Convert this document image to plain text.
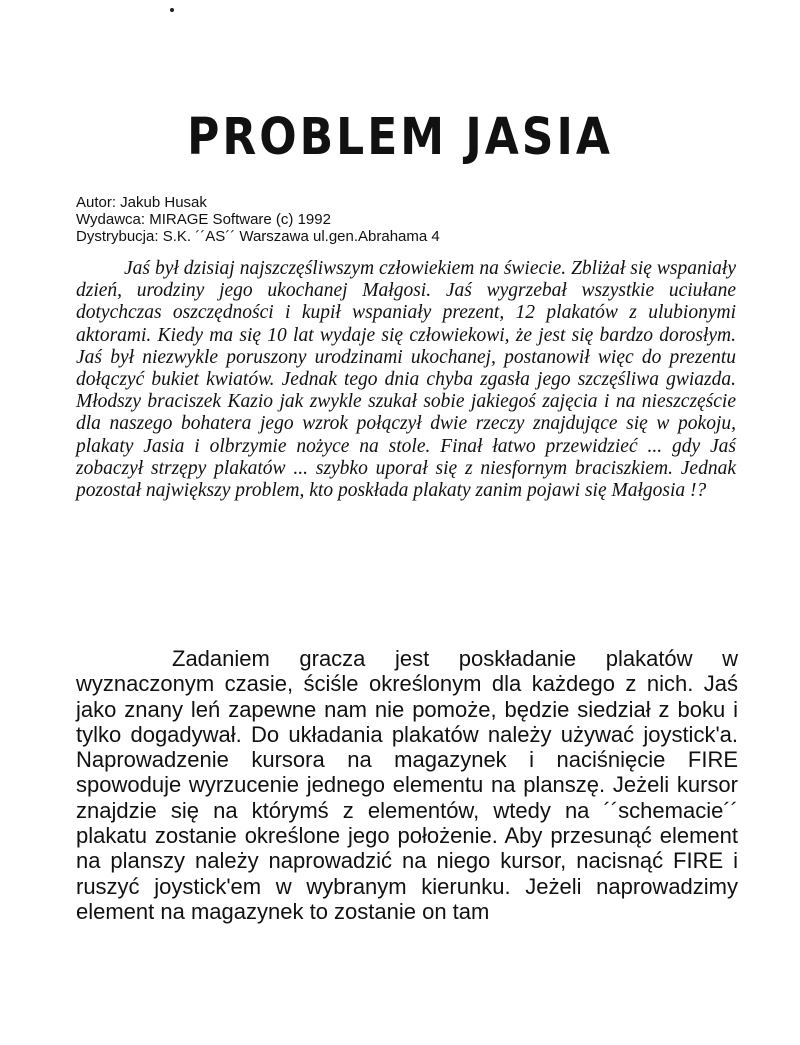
PROBLEM JASIA
Autor: Jakub Husak
Wydawca: MIRAGE Software (c) 1992
Dystrybucja: S.K. ´´AS´´ Warszawa ul.gen.Abrahama 4

Jaś był dzisiaj najszczęśliwszym człowiekiem na świecie. Zbliżał się wspaniały dzień, urodziny jego ukochanej Małgosi. Jaś wygrzebał wszystkie uciułane dotychczas oszczędności i kupił wspaniały prezent, 12 plakatów z ulubionymi aktorami. Kiedy ma się 10 lat wydaje się człowiekowi, że jest się bardzo dorosłym. Jaś był niezwykle poruszony urodzinami ukochanej, postanowił więc do prezentu dołączyć bukiet kwiatów. Jednak tego dnia chyba zgasła jego szczęśliwa gwiazda. Młodszy braciszek Kazio jak zwykle szukał sobie jakiegoś zajęcia i na nieszczęście dla naszego bohatera jego wzrok połączył dwie rzeczy znajdujące się w pokoju, plakaty Jasia i olbrzymie nożyce na stole. Finał łatwo przewidzieć ... gdy Jaś zobaczył strzępy plakatów ... szybko uporał się z niesfornym braciszkiem. Jednak pozostał największy problem, kto poskłada plakaty zanim pojawi się Małgosia !?

Zadaniem gracza jest poskładanie plakatów w wyznaczonym czasie, ściśle określonym dla każdego z nich. Jaś jako znany leń zapewne nam nie pomoże, będzie siedział z boku i tylko dogadywał. Do układania plakatów należy używać joystick'a. Naprowadzenie kursora na magazynek i naciśnięcie FIRE spowoduje wyrzucenie jednego elementu na planszę. Jeżeli kursor znajdzie się na którymś z elementów, wtedy na ´´schemacie´´ plakatu zostanie określone jego położenie. Aby przesunąć element na planszy należy naprowadzić na niego kursor, nacisnąć FIRE i ruszyć joystick'em w wybranym kierunku. Jeżeli naprowadzimy element na magazynek to zostanie on tam
